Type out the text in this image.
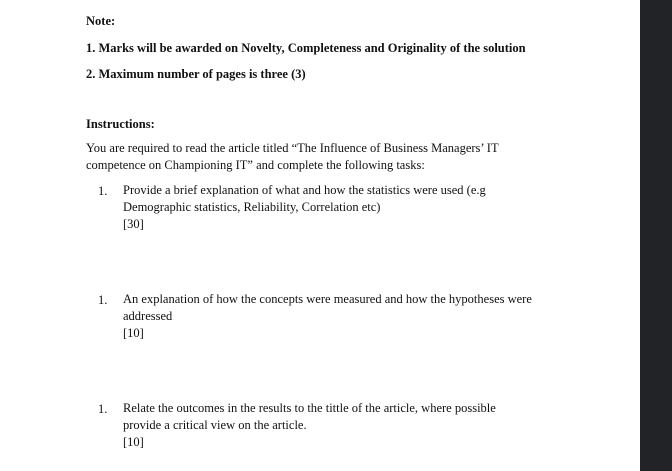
Note:
1. Marks will be awarded on Novelty, Completeness and Originality of the solution
2. Maximum number of pages is three (3)
Instructions:
You are required to read the article titled “The Influence of Business Managers’ IT
competence on Championing IT” and complete the following tasks:
1. Provide a brief explanation of what and how the statistics were used (e.g
Demographic statistics, Reliability, Correlation etc)
[30]
1. An explanation of how the concepts were measured and how the hypotheses were
addressed
[10]
1. Relate the outcomes in the results to the tittle of the article, where possible
provide a critical view on the article.
[10]
